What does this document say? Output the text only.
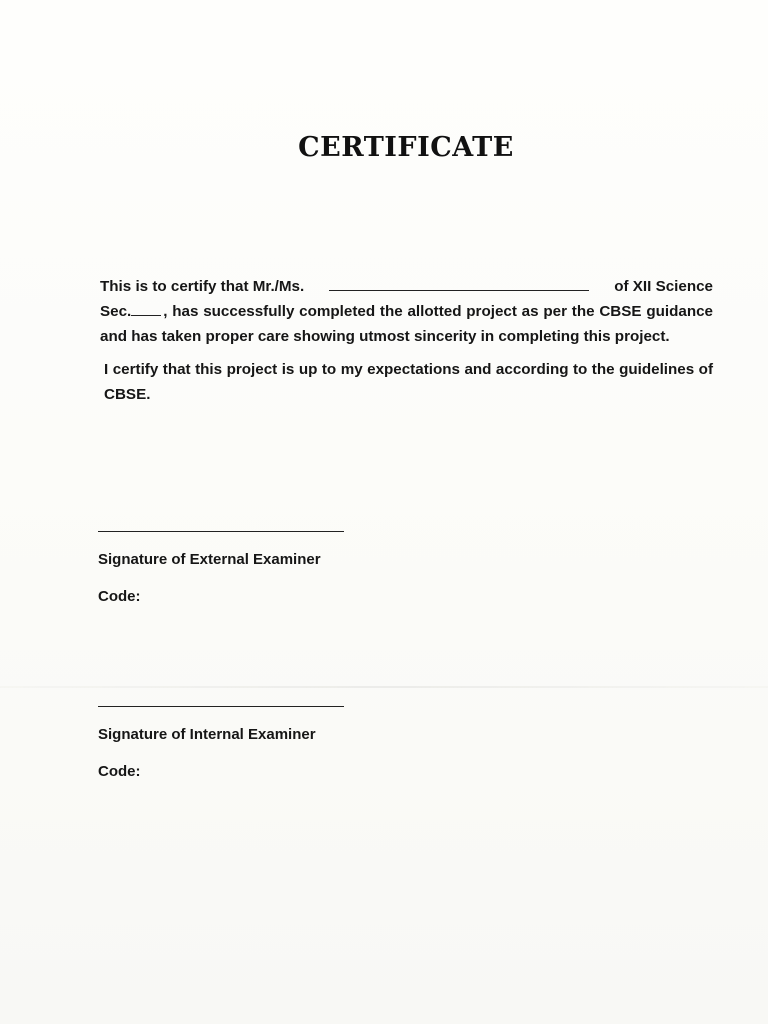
CERTIFICATE
This is to certify that Mr./Ms.	of XII Science
Sec. , has successfully completed the allotted project as per the CBSE guidance and has taken proper care showing utmost sincerity in completing this project.

I certify that this project is up to my expectations and according to the guidelines of CBSE.

Signature of External Examiner
Code:
Signature of Internal Examiner
Code:
